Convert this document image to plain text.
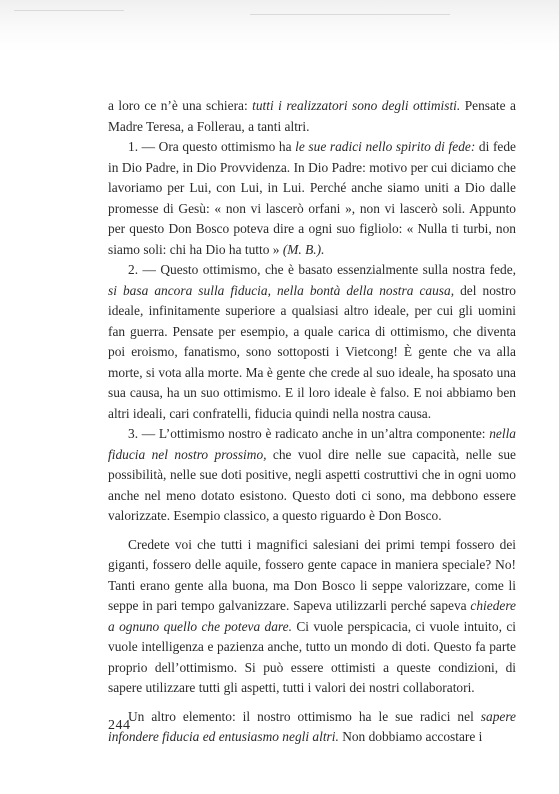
a loro ce n’è una schiera: tutti i realizzatori sono degli ottimisti. Pensate a Madre Teresa, a Follerau, a tanti altri.

1. — Ora questo ottimismo ha le sue radici nello spirito di fede: di fede in Dio Padre, in Dio Provvidenza. In Dio Padre: motivo per cui diciamo che lavoriamo per Lui, con Lui, in Lui. Perché anche siamo uniti a Dio dalle promesse di Gesù: « non vi lascerò orfani », non vi lascerò soli. Appunto per questo Don Bosco poteva dire a ogni suo figliolo: « Nulla ti turbi, non siamo soli: chi ha Dio ha tutto » (M. B.).

2. — Questo ottimismo, che è basato essenzialmente sulla nostra fede, si basa ancora sulla fiducia, nella bontà della nostra causa, del nostro ideale, infinitamente superiore a qualsiasi altro ideale, per cui gli uomini fan guerra. Pensate per esempio, a quale carica di ottimismo, che diventa poi eroismo, fanatismo, sono sottoposti i Vietcong! È gente che va alla morte, si vota alla morte. Ma è gente che crede al suo ideale, ha sposato una sua causa, ha un suo ottimismo. E il loro ideale è falso. E noi abbiamo ben altri ideali, cari confratelli, fiducia quindi nella nostra causa.

3. — L’ottimismo nostro è radicato anche in un’altra componente: nella fiducia nel nostro prossimo, che vuol dire nelle sue capacità, nelle sue possibilità, nelle sue doti positive, negli aspetti costruttivi che in ogni uomo anche nel meno dotato esistono. Questo doti ci sono, ma debbono essere valorizzate. Esempio classico, a questo riguardo è Don Bosco.

Credete voi che tutti i magnifici salesiani dei primi tempi fossero dei giganti, fossero delle aquile, fossero gente capace in maniera speciale? No! Tanti erano gente alla buona, ma Don Bosco li seppe valorizzare, come li seppe in pari tempo galvanizzare. Sapeva utilizzarli perché sapeva chiedere a ognuno quello che poteva dare. Ci vuole perspicacia, ci vuole intuito, ci vuole intelligenza e pazienza anche, tutto un mondo di doti. Questo fa parte proprio dell’ottimismo. Si può essere ottimisti a queste condizioni, di sapere utilizzare tutti gli aspetti, tutti i valori dei nostri collaboratori.

Un altro elemento: il nostro ottimismo ha le sue radici nel sapere infondere fiducia ed entusiasmo negli altri. Non dobbiamo accostare i

244
